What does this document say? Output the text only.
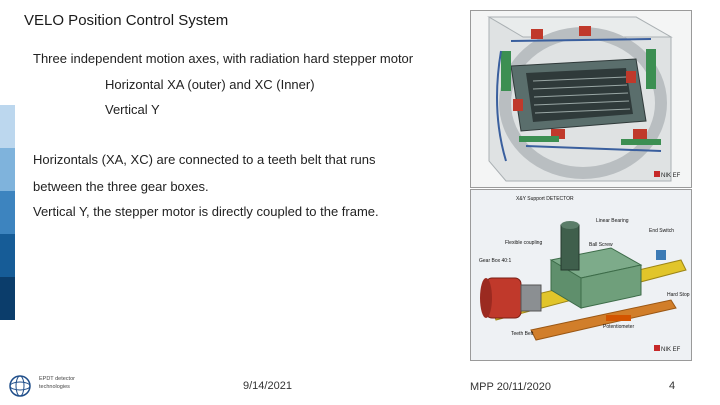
VELO Position Control System
Three independent motion axes, with radiation hard stepper motor
Horizontal XA (outer) and XC (Inner)
Vertical Y
Horizontals (XA, XC) are connected to a teeth belt that runs
between the three gear boxes.
Vertical Y, the stepper motor is directly coupled to the frame.
NIK EF
X&Y Support DETECTOR
Linear Bearing
End Switch
Flexible coupling	Ball Screw
Gear Box 40:1
Hard Stop
Teeth Belt
Potentiometer
NIK EF
EPDT detector technologies	9/14/2021	MPP 20/11/2020	4
